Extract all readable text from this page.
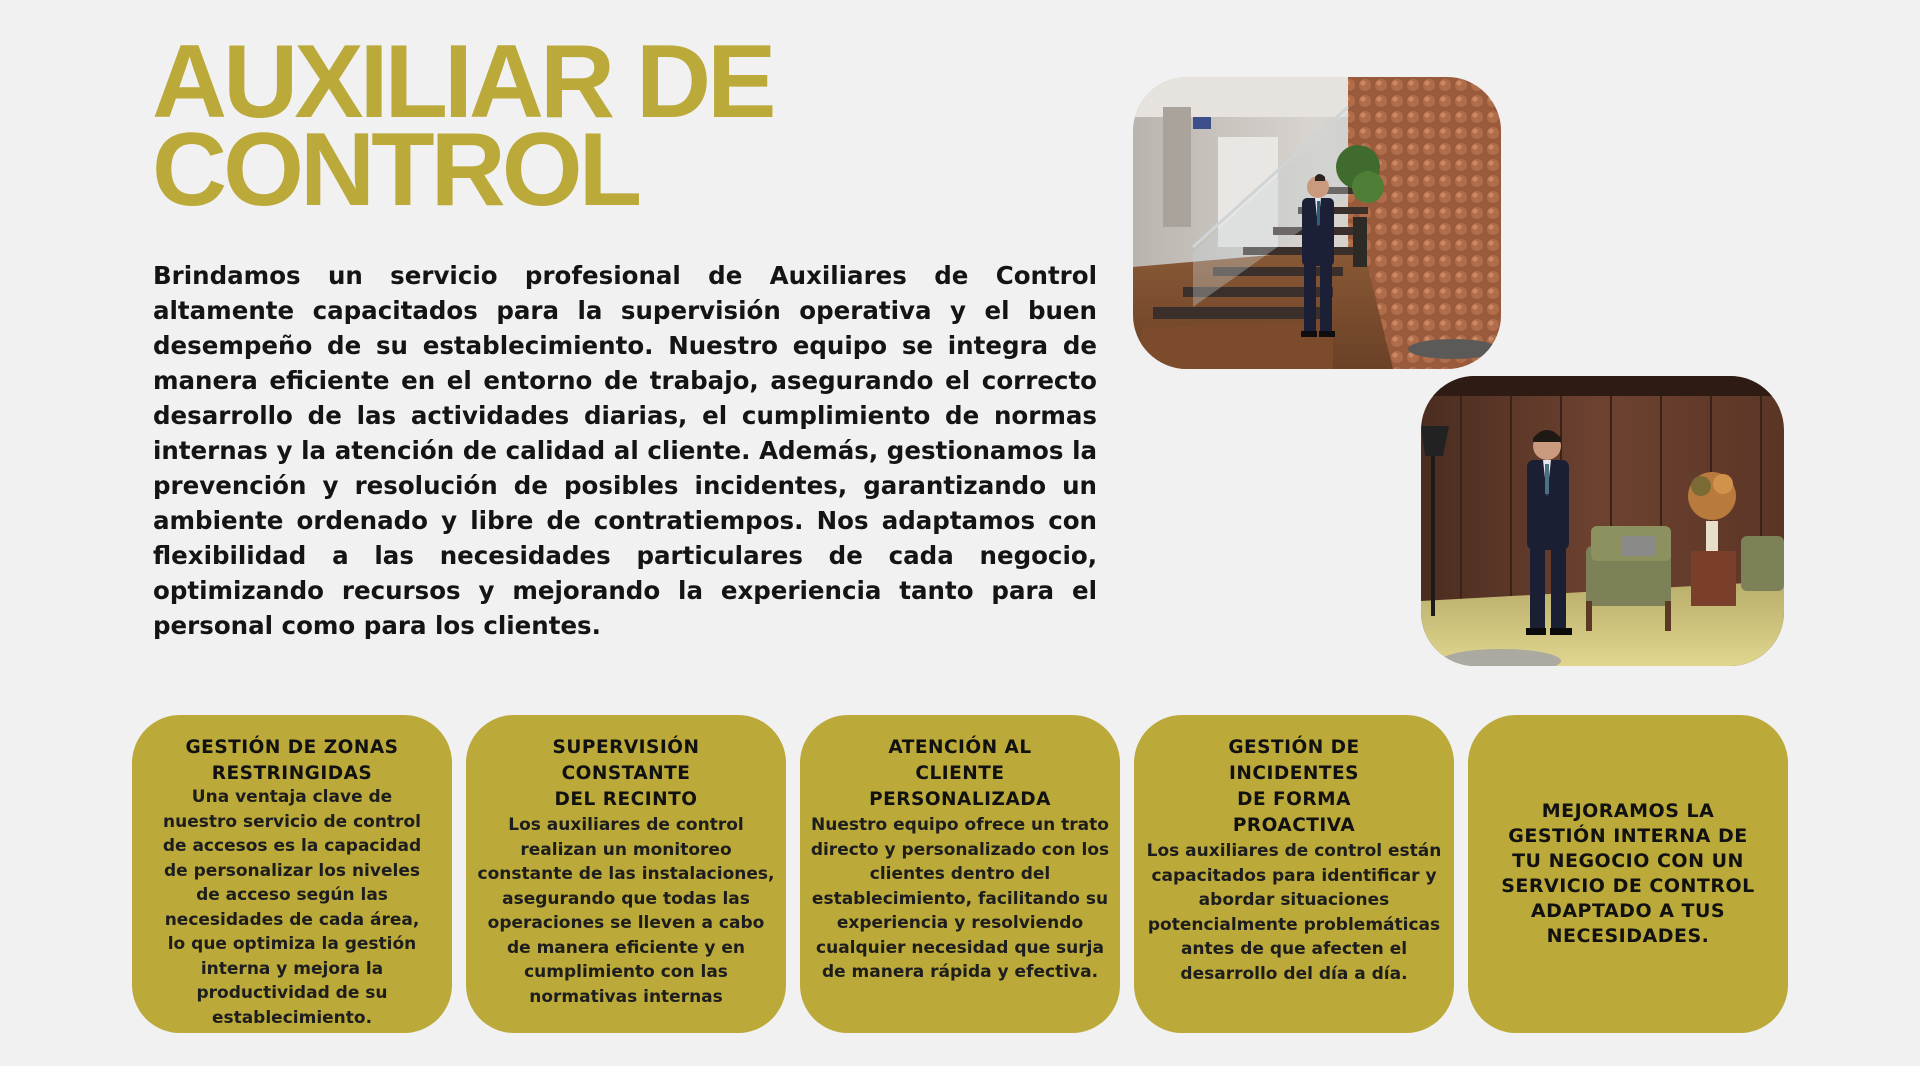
AUXILIAR DE
CONTROL

Brindamos un servicio profesional de Auxiliares de Control altamente capacitados para la supervisión operativa y el buen desempeño de su establecimiento. Nuestro equipo se integra de manera eficiente en el entorno de trabajo, asegurando el correcto desarrollo de las actividades diarias, el cumplimiento de normas internas y la atención de calidad al cliente. Además, gestionamos la prevención y resolución de posibles incidentes, garantizando un ambiente ordenado y libre de contratiempos. Nos adaptamos con flexibilidad a las necesidades particulares de cada negocio, optimizando recursos y mejorando la experiencia tanto para el personal como para los clientes.

GESTIÓN DE ZONAS
RESTRINGIDAS

Una ventaja clave de
nuestro servicio de control
de accesos es la capacidad
de personalizar los niveles
de acceso según las
necesidades de cada área,
lo que optimiza la gestión
interna y mejora la
productividad de su
establecimiento.

SUPERVISIÓN
CONSTANTE
DEL RECINTO

Los auxiliares de control
realizan un monitoreo
constante de las instalaciones,
asegurando que todas las
operaciones se lleven a cabo
de manera eficiente y en
cumplimiento con las
normativas internas

ATENCIÓN AL
CLIENTE
PERSONALIZADA

Nuestro equipo ofrece un trato
directo y personalizado con los
clientes dentro del
establecimiento, facilitando su
experiencia y resolviendo
cualquier necesidad que surja
de manera rápida y efectiva.

GESTIÓN DE
INCIDENTES
DE FORMA
PROACTIVA

Los auxiliares de control están
capacitados para identificar y
abordar situaciones
potencialmente problemáticas
antes de que afecten el
desarrollo del día a día.

MEJORAMOS LA
GESTIÓN INTERNA DE
TU NEGOCIO CON UN
SERVICIO DE CONTROL
ADAPTADO A TUS
NECESIDADES.
